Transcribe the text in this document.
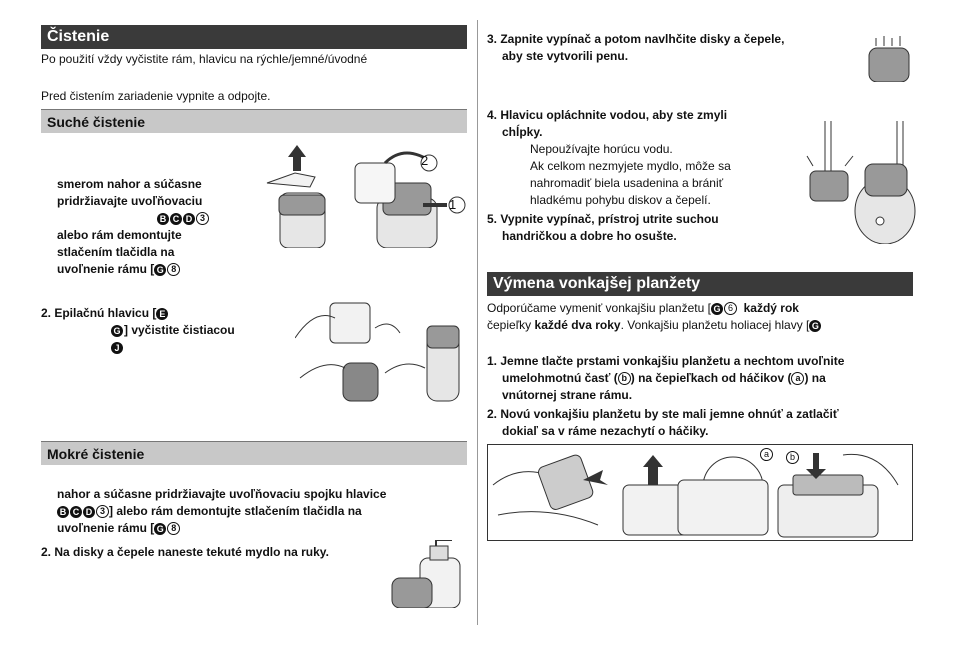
Čistenie
Po použití vždy vyčistite rám, hlavicu na rýchle/jemné/úvodné
Pred čistením zariadenie vypnite a odpojte.
Suché čistenie
smerom nahor a súčasne
pridržiavajte uvoľňovaciu
B C D 3
alebo rám demontujte
stlačením tlačidla na
uvoľnenie rámu [ G 8
2
1
2. Epilačnú hlavicu [ E
G ] vyčistite čistiacou
J
Mokré čistenie
nahor a súčasne pridržiavajte uvoľňovaciu spojku hlavice
B C D 3 ] alebo rám demontujte stlačením tlačidla na
uvoľnenie rámu [ G 8
2. Na disky a čepele naneste tekuté mydlo na ruky.
3. Zapnite vypínač a potom navlhčite disky a čepele,
aby ste vytvorili penu.
4. Hlavicu opláchnite vodou, aby ste zmyli
chĺpky.
Nepoužívajte horúcu vodu.
Ak celkom nezmyjete mydlo, môže sa
nahromadiť biela usadenina a brániť
hladkému pohybu diskov a čepelí.
5. Vypnite vypínač, prístroj utrite suchou
handričkou a dobre ho osušte.
Výmena vonkajšej planžety
Odporúčame vymeniť vonkajšiu planžetu [ G 6 každý rok
čepieľky každé dva roky. Vonkajšiu planžetu holiacej hlavy [ G
1. Jemne tlačte prstami vonkajšiu planžetu a nechtom uvoľnite
umelohmotnú časť ( b ) na čepieľkach od háčikov ( a ) na
vnútornej strane rámu.
2. Novú vonkajšiu planžetu by ste mali jemne ohnúť a zatlačiť
dokiaľ sa v ráme nezachytí o háčiky.
a	b
